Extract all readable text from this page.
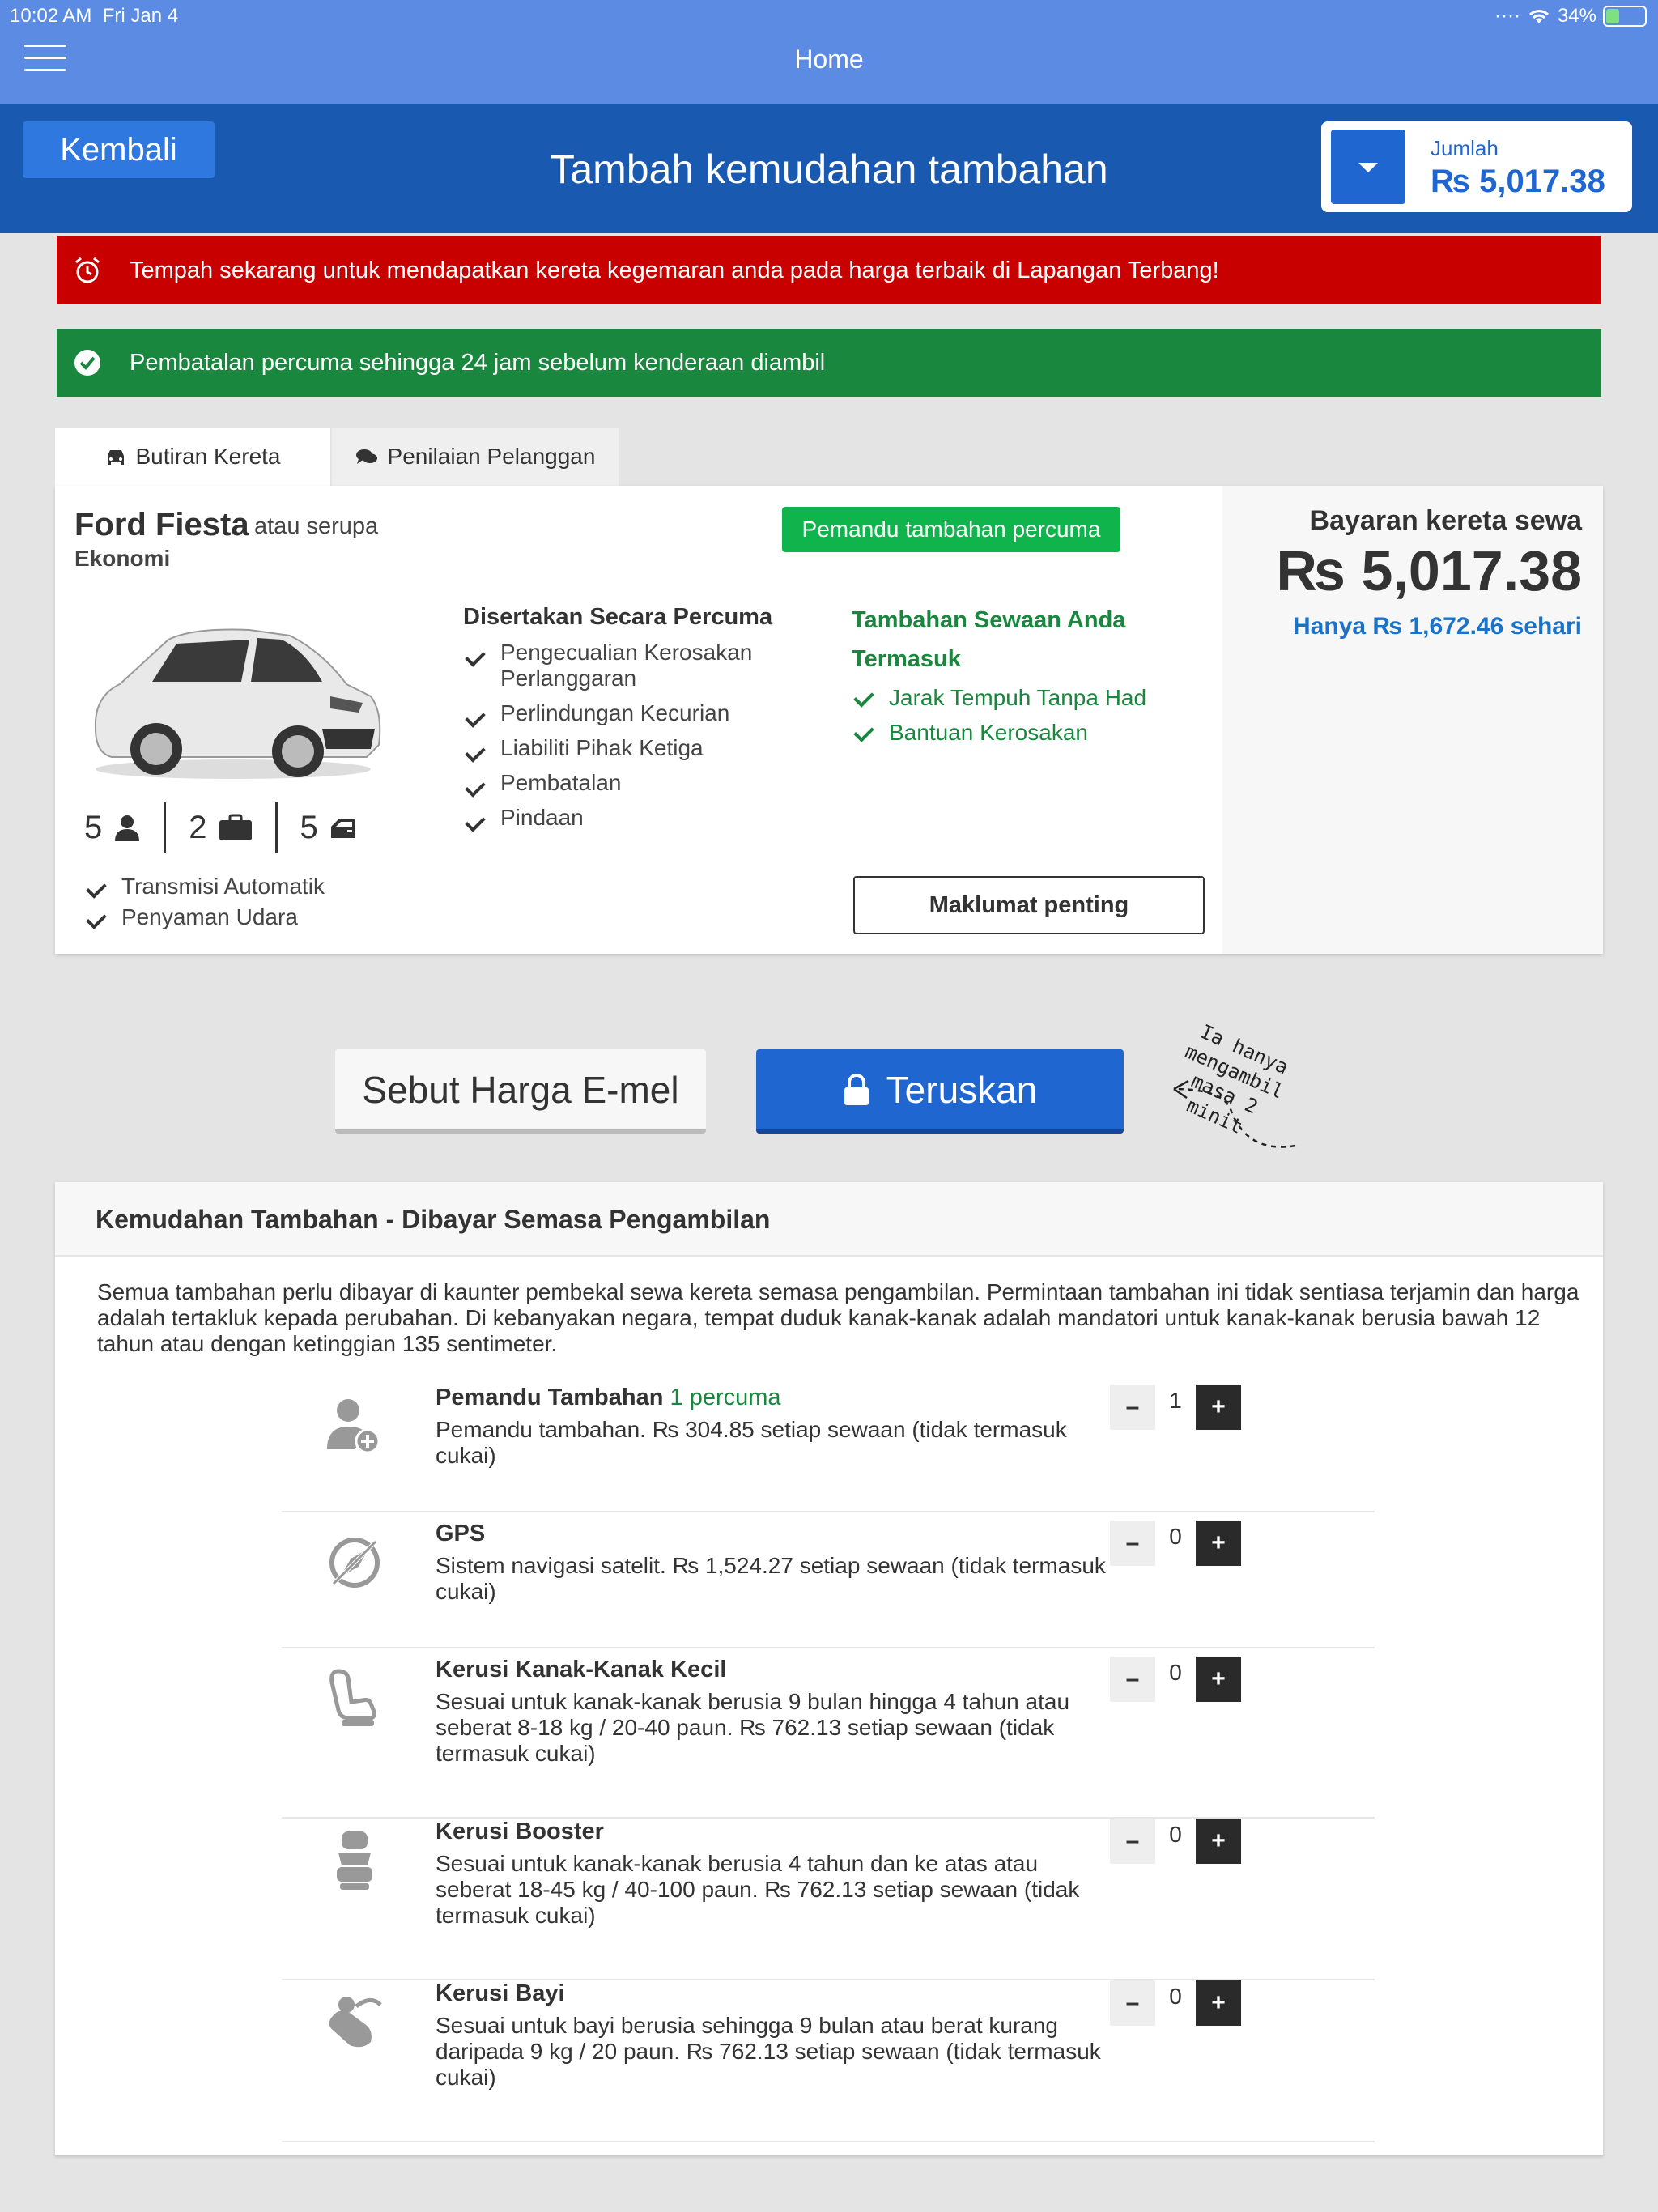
10:02 AM Fri Jan 4	···· 34%
Home
Kembali	Tambah kemudahan tambahan	Jumlah
₨ 5,017.38
Tempah sekarang untuk mendapatkan kereta kegemaran anda pada harga terbaik di Lapangan Terbang!
Pembatalan percuma sehingga 24 jam sebelum kenderaan diambil
Butiran Kereta	Penilaian Pelanggan
Ford Fiesta atau serupa
Ekonomi
Pemandu tambahan percuma
5	2	5
Transmisi Automatik
Penyaman Udara
Disertakan Secara Percuma
Pengecualian Kerosakan Perlanggaran
Perlindungan Kecurian
Liabiliti Pihak Ketiga
Pembatalan
Pindaan
Tambahan Sewaan Anda Termasuk
Jarak Tempuh Tanpa Had
Bantuan Kerosakan
Maklumat penting
Bayaran kereta sewa
₨ 5,017.38
Hanya ₨ 1,672.46 sehari
Sebut Harga E-mel	Teruskan
Ia hanya mengambil masa 2 minit
Kemudahan Tambahan - Dibayar Semasa Pengambilan
Semua tambahan perlu dibayar di kaunter pembekal sewa kereta semasa pengambilan. Permintaan tambahan ini tidak sentiasa terjamin dan harga adalah tertakluk kepada perubahan. Di kebanyakan negara, tempat duduk kanak-kanak adalah mandatori untuk kanak-kanak berusia bawah 12 tahun atau dengan ketinggian 135 sentimeter.
Pemandu Tambahan 1 percuma
Pemandu tambahan. ₨ 304.85 setiap sewaan (tidak termasuk cukai)
–	1	+
GPS
Sistem navigasi satelit. ₨ 1,524.27 setiap sewaan (tidak termasuk cukai)
–	0	+
Kerusi Kanak-Kanak Kecil
Sesuai untuk kanak-kanak berusia 9 bulan hingga 4 tahun atau seberat 8-18 kg / 20-40 paun. ₨ 762.13 setiap sewaan (tidak termasuk cukai)
–	0	+
Kerusi Booster
Sesuai untuk kanak-kanak berusia 4 tahun dan ke atas atau seberat 18-45 kg / 40-100 paun. ₨ 762.13 setiap sewaan (tidak termasuk cukai)
–	0	+
Kerusi Bayi
Sesuai untuk bayi berusia sehingga 9 bulan atau berat kurang daripada 9 kg / 20 paun. ₨ 762.13 setiap sewaan (tidak termasuk cukai)
–	0	+
